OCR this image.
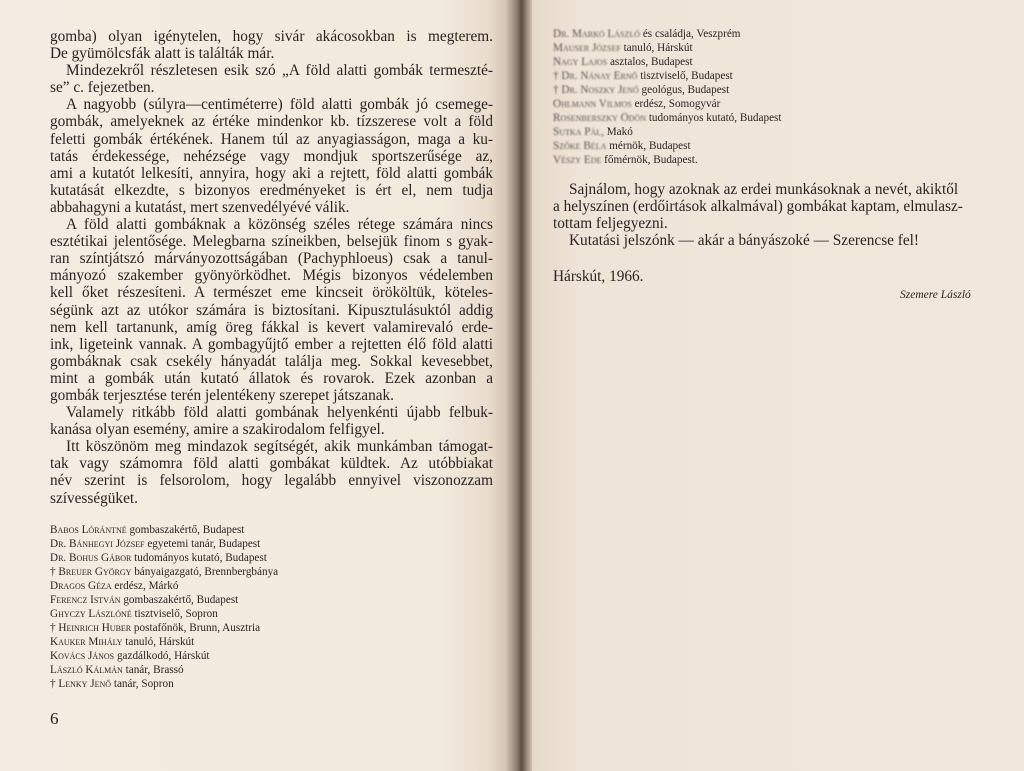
gomba) olyan igénytelen, hogy sivár akácosokban is megterem.
De gyümölcsfák alatt is találták már.
Mindezekről részletesen esik szó „A föld alatti gombák termeszté-
se” c. fejezetben.
A nagyobb (súlyra—centiméterre) föld alatti gombák jó csemege-
gombák, amelyeknek az értéke mindenkor kb. tízszerese volt a föld
feletti gombák értékének. Hanem túl az anyagiasságon, maga a ku-
tatás érdekessége, nehézsége vagy mondjuk sportszerűsége az,
ami a kutatót lelkesíti, annyira, hogy aki a rejtett, föld alatti gombák
kutatását elkezdte, s bizonyos eredményeket is ért el, nem tudja
abbahagyni a kutatást, mert szenvedélyévé válik.
A föld alatti gombáknak a közönség széles rétege számára nincs
esztétikai jelentősége. Melegbarna színeikben, belsejük finom s gyak-
ran színtjátszó márványozottságában (Pachyphloeus) csak a tanul-
mányozó szakember gyönyörködhet. Mégis bizonyos védelemben
kell őket részesíteni. A természet eme kincseit örököltük, köteles-
ségünk azt az utókor számára is biztosítani. Kipusztulásuktól addig
nem kell tartanunk, amíg öreg fákkal is kevert valamirevaló erde-
ink, ligeteink vannak. A gombagyűjtő ember a rejtetten élő föld alatti
gombáknak csak csekély hányadát találja meg. Sokkal kevesebbet,
mint a gombák után kutató állatok és rovarok. Ezek azonban a
gombák terjesztése terén jelentékeny szerepet játszanak.
Valamely ritkább föld alatti gombának helyenkénti újabb felbuk-
kanása olyan esemény, amire a szakirodalom felfigyel.
Itt köszönöm meg mindazok segítségét, akik munkámban támogat-
tak vagy számomra föld alatti gombákat küldtek. Az utóbbiakat
név szerint is felsorolom, hogy legalább ennyivel viszonozzam
szívességüket.
Babos Lórántné gombaszakértő, Budapest
Dr. Bánhegyi József egyetemi tanár, Budapest
Dr. Bohus Gábor tudományos kutató, Budapest
† Breuer György bányaigazgató, Brennbergbánya
Dragos Géza erdész, Márkó
Ferencz István gombaszakértő, Budapest
Ghyczy Lászlóné tisztviselő, Sopron
† Heinrich Huber postafőnök, Brunn, Ausztria
Kauker Mihály tanuló, Hárskút
Kovács János gazdálkodó, Hárskút
László Kálmán tanár, Brassó
† Lenky Jenő tanár, Sopron
6
Dr. Markó László és családja, Veszprém
Mauser József tanuló, Hárskút
Nagy Lajos asztalos, Budapest
† Dr. Nánay Ernő tisztviselő, Budapest
† Dr. Noszky Jenő geológus, Budapest
Ohlmann Vilmos erdész, Somogyvár
Rosenberszky Ödön tudományos kutató, Budapest
Sutka Pál, Makó
Szőke Béla mérnök, Budapest
Vészy Ede főmérnök, Budapest.
Sajnálom, hogy azoknak az erdei munkásoknak a nevét, akiktől
a helyszínen (erdőirtások alkalmával) gombákat kaptam, elmulasz-
tottam feljegyezni.
Kutatási jelszónk — akár a bányászoké — Szerencse fel!
Hárskút, 1966.
Szemere László
